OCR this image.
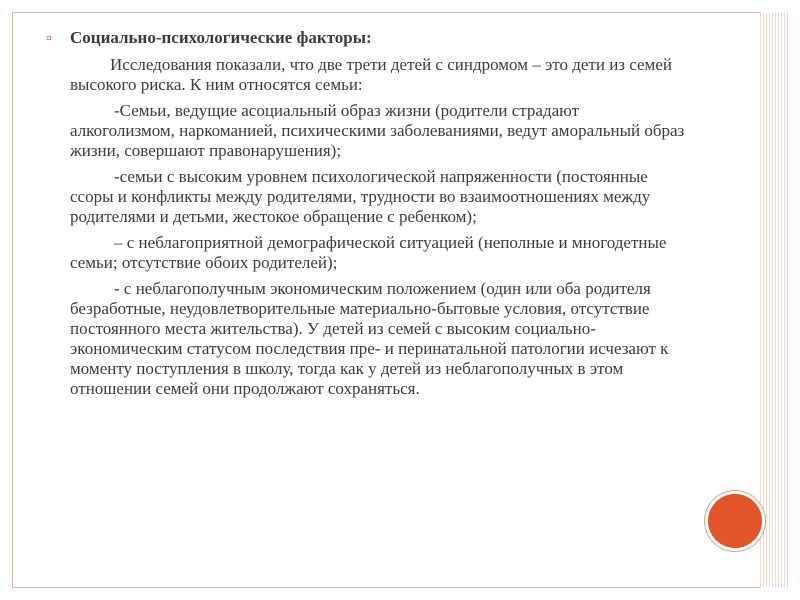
▫	Социально-психологические факторы:

Исследования показали, что две трети детей с синдромом – это дети из семей высокого риска. К ним относятся семьи:

-Семьи, ведущие асоциальный образ жизни (родители страдают алкоголизмом, наркоманией, психическими заболеваниями, ведут аморальный образ жизни, совершают правонарушения);

-семьи с высоким уровнем психологической напряженности (постоянные ссоры и конфликты между родителями, трудности во взаимоотношениях между родителями и детьми, жестокое обращение с ребенком);

– с неблагоприятной демографической ситуацией (неполные и многодетные семьи; отсутствие обоих родителей);

- с неблагополучным экономическим положением (один или оба родителя безработные, неудовлетворительные материально-бытовые условия, отсутствие постоянного места жительства). У детей из семей с высоким социально-экономическим статусом последствия пре- и перинатальной патологии исчезают к моменту поступления в школу, тогда как у детей из неблагополучных в этом отношении семей они продолжают сохраняться.
